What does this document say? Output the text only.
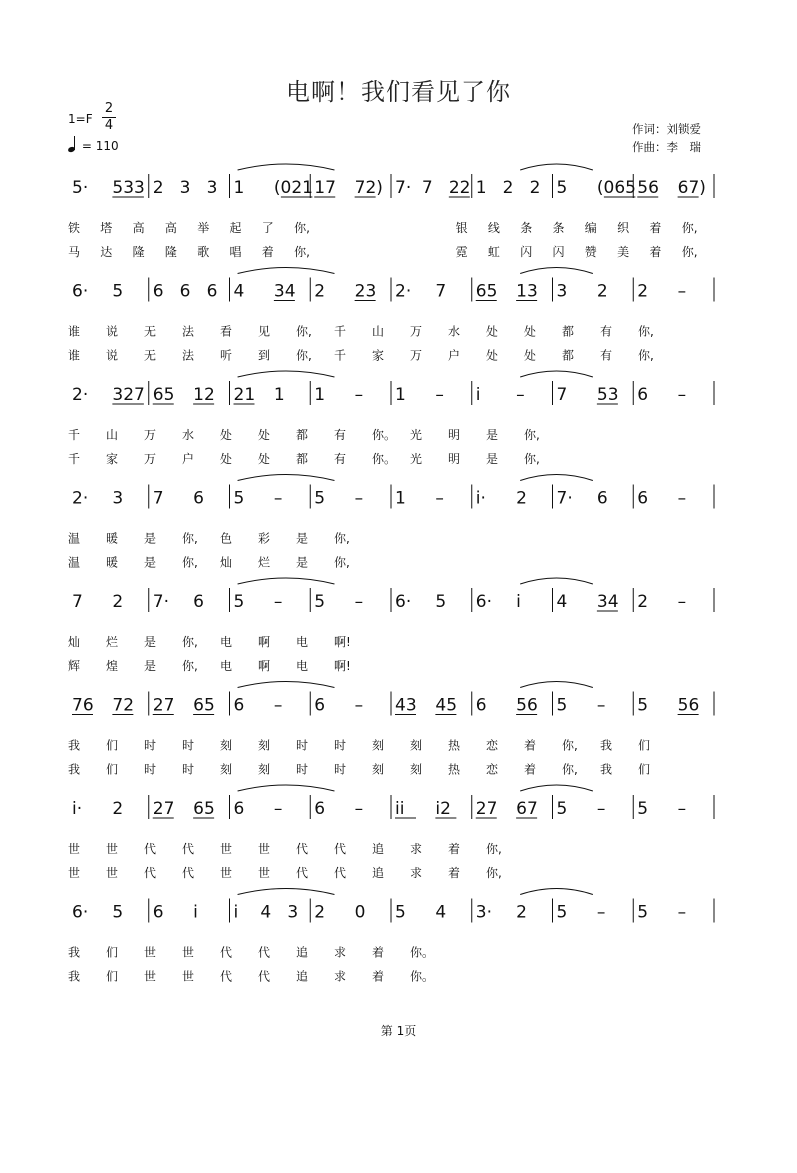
电啊！我们看见了你
1=F
2
4
= 110
作词：刘锁爱
作曲：李　瑞
5· 533 2 3 3 1 (021 17 72) 7· 7 22 1 2 2 5 (065 56 67)
铁 塔 高 高 举 起 了 你,	银 线 条 条 编 织 着 你,
马 达 隆 隆 歌 唱 着 你,	霓 虹 闪 闪 赞 美 着 你,
6· 5 6 6 6 4 34 2 23 2· 7 65 13 3 2 2 –
谁 说 无 法 看 见 你, 千 山 万 水 处 处 都 有 你,
谁 说 无 法 听 到 你, 千 家 万 户 处 处 都 有 你,
2· 327 65 12 21 1 1 – 1 – i – 7 53 6 –
千 山 万 水 处 处 都 有 你。 光 明 是 你,
千 家 万 户 处 处 都 有 你。 光 明 是 你,
2· 3 7 6 5 – 5 – 1 – i· 2 7· 6 6 –
温 暖 是 你, 色 彩 是 你,
温 暖 是 你, 灿 烂 是 你,
7 2 7· 6 5 – 5 – 6· 5 6· i 4 34 2 –
灿 烂 是 你, 电 啊 电 啊!
辉 煌 是 你, 电 啊 电 啊!
76 72 27 65 6 – 6 – 43 45 6 56 5 – 5 56
我 们 时 时 刻 刻 时 时 刻 刻 热 恋 着 你, 我 们
我 们 时 时 刻 刻 时 时 刻 刻 热 恋 着 你, 我 们
i· 2 27 65 6 – 6 – ii i2 27 67 5 – 5 –
世 世 代 代 世 世 代 代 追 求 着 你,
世 世 代 代 世 世 代 代 追 求 着 你,
6· 5 6 i i 4 3 2 0 5 4 3· 2 5 – 5 –
我 们 世 世 代 代 追 求 着 你。
我 们 世 世 代 代 追 求 着 你。
第 1页
